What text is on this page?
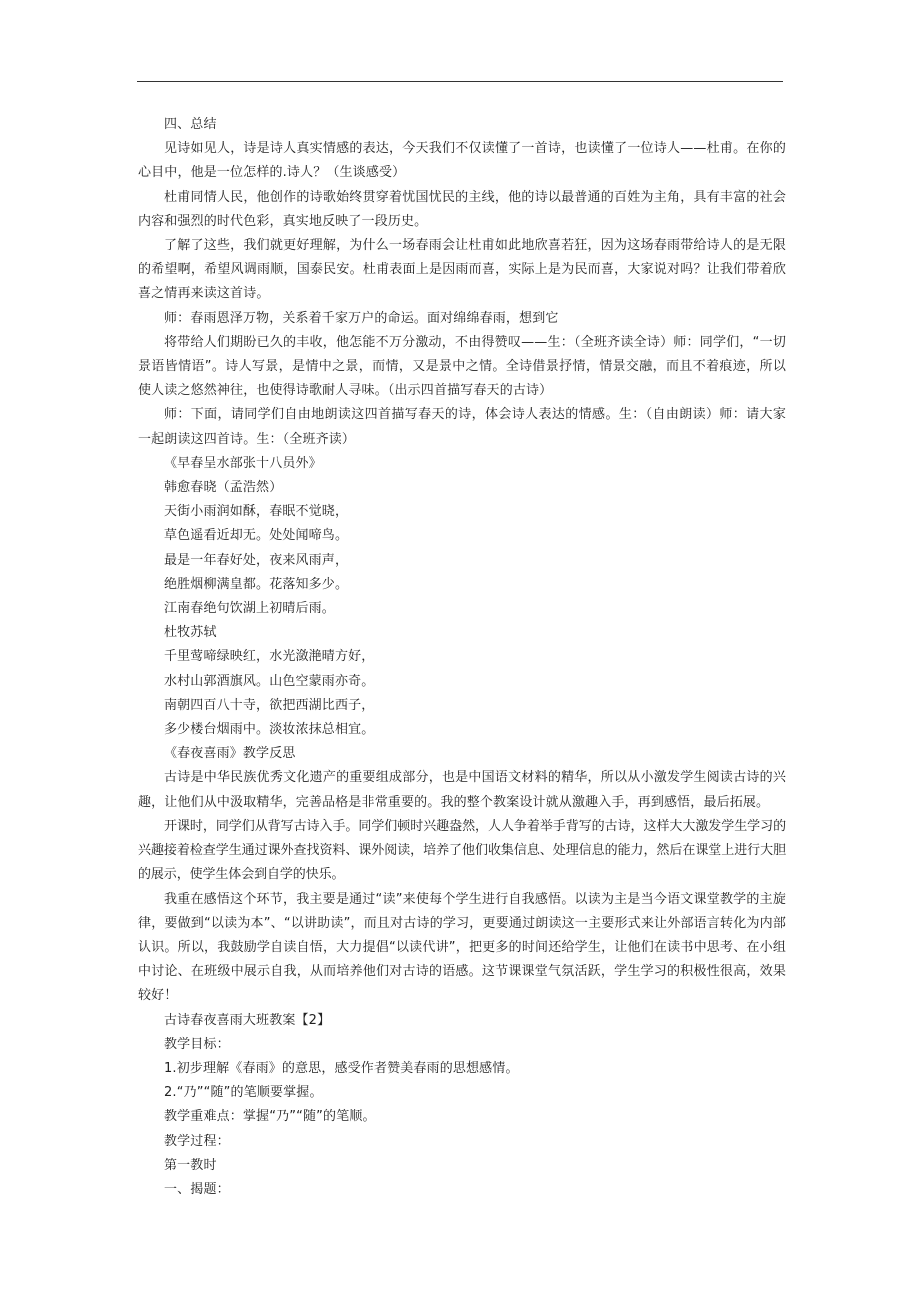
四、总结

见诗如见人，诗是诗人真实情感的表达，今天我们不仅读懂了一首诗，也读懂了一位诗人——杜甫。在你的心目中，他是一位怎样的.诗人？（生谈感受）

杜甫同情人民，他创作的诗歌始终贯穿着忧国忧民的主线，他的诗以最普通的百姓为主角，具有丰富的社会内容和强烈的时代色彩，真实地反映了一段历史。

了解了这些，我们就更好理解，为什么一场春雨会让杜甫如此地欣喜若狂，因为这场春雨带给诗人的是无限的希望啊，希望风调雨顺，国泰民安。杜甫表面上是因雨而喜，实际上是为民而喜，大家说对吗？让我们带着欣喜之情再来读这首诗。

师：春雨恩泽万物，关系着千家万户的命运。面对绵绵春雨，想到它

将带给人们期盼已久的丰收，他怎能不万分激动，不由得赞叹——生：（全班齐读全诗）师：同学们，“一切景语皆情语”。诗人写景，是情中之景，而情，又是景中之情。全诗借景抒情，情景交融，而且不着痕迹，所以使人读之悠然神往，也使得诗歌耐人寻味。（出示四首描写春天的古诗）

师：下面，请同学们自由地朗读这四首描写春天的诗，体会诗人表达的情感。生：（自由朗读）师：请大家一起朗读这四首诗。生：（全班齐读）

《早春呈水部张十八员外》

韩愈春晓（孟浩然）

天街小雨润如酥，春眠不觉晓，

草色遥看近却无。处处闻啼鸟。

最是一年春好处，夜来风雨声，

绝胜烟柳满皇都。花落知多少。

江南春绝句饮湖上初晴后雨。

杜牧苏轼

千里莺啼绿映红，水光潋滟晴方好，

水村山郭酒旗风。山色空蒙雨亦奇。

南朝四百八十寺，欲把西湖比西子，

多少楼台烟雨中。淡妆浓抹总相宜。

《春夜喜雨》教学反思

古诗是中华民族优秀文化遗产的重要组成部分，也是中国语文材料的精华，所以从小激发学生阅读古诗的兴趣，让他们从中汲取精华，完善品格是非常重要的。我的整个教案设计就从激趣入手，再到感悟，最后拓展。

开课时，同学们从背写古诗入手。同学们顿时兴趣盎然，人人争着举手背写的古诗，这样大大激发学生学习的兴趣接着检查学生通过课外查找资料、课外阅读，培养了他们收集信息、处理信息的能力，然后在课堂上进行大胆的展示，使学生体会到自学的快乐。

我重在感悟这个环节，我主要是通过“读”来使每个学生进行自我感悟。以读为主是当今语文课堂教学的主旋律，要做到“以读为本”、“以讲助读”，而且对古诗的学习，更要通过朗读这一主要形式来让外部语言转化为内部认识。所以，我鼓励学自读自悟，大力提倡“以读代讲”，把更多的时间还给学生，让他们在读书中思考、在小组中讨论、在班级中展示自我，从而培养他们对古诗的语感。这节课课堂气氛活跃，学生学习的积极性很高，效果较好！

古诗春夜喜雨大班教案【2】

教学目标：

1.初步理解《春雨》的意思，感受作者赞美春雨的思想感情。

2.“乃”“随”的笔顺要掌握。

教学重难点：掌握“乃”“随”的笔顺。

教学过程：

第一教时

一、揭题：
